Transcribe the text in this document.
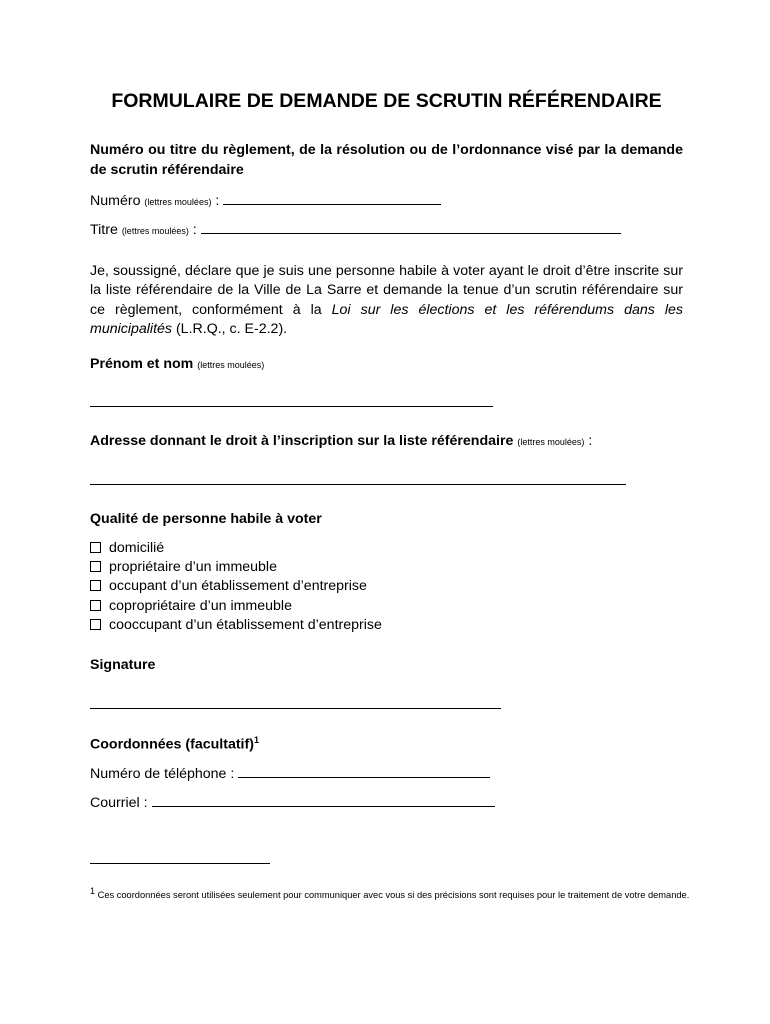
FORMULAIRE DE DEMANDE DE SCRUTIN RÉFÉRENDAIRE

Numéro ou titre du règlement, de la résolution ou de l’ordonnance visé par la demande de scrutin référendaire

Numéro (lettres moulées) :
Titre (lettres moulées) :

Je, soussigné, déclare que je suis une personne habile à voter ayant le droit d’être inscrite sur la liste référendaire de la Ville de La Sarre et demande la tenue d’un scrutin référendaire sur ce règlement, conformément à la Loi sur les élections et les référendums dans les municipalités (L.R.Q., c. E-2.2).

Prénom et nom (lettres moulées)
Adresse donnant le droit à l’inscription sur la liste référendaire (lettres moulées) :
Qualité de personne habile à voter
domicilié
propriétaire d’un immeuble
occupant d’un établissement d’entreprise
copropriétaire d’un immeuble
cooccupant d’un établissement d’entreprise
Signature
Coordonnées (facultatif)$^1$
Numéro de téléphone :
Courriel :

$^1$ Ces coordonnées seront utilisées seulement pour communiquer avec vous si des précisions sont requises pour le traitement de votre demande.
